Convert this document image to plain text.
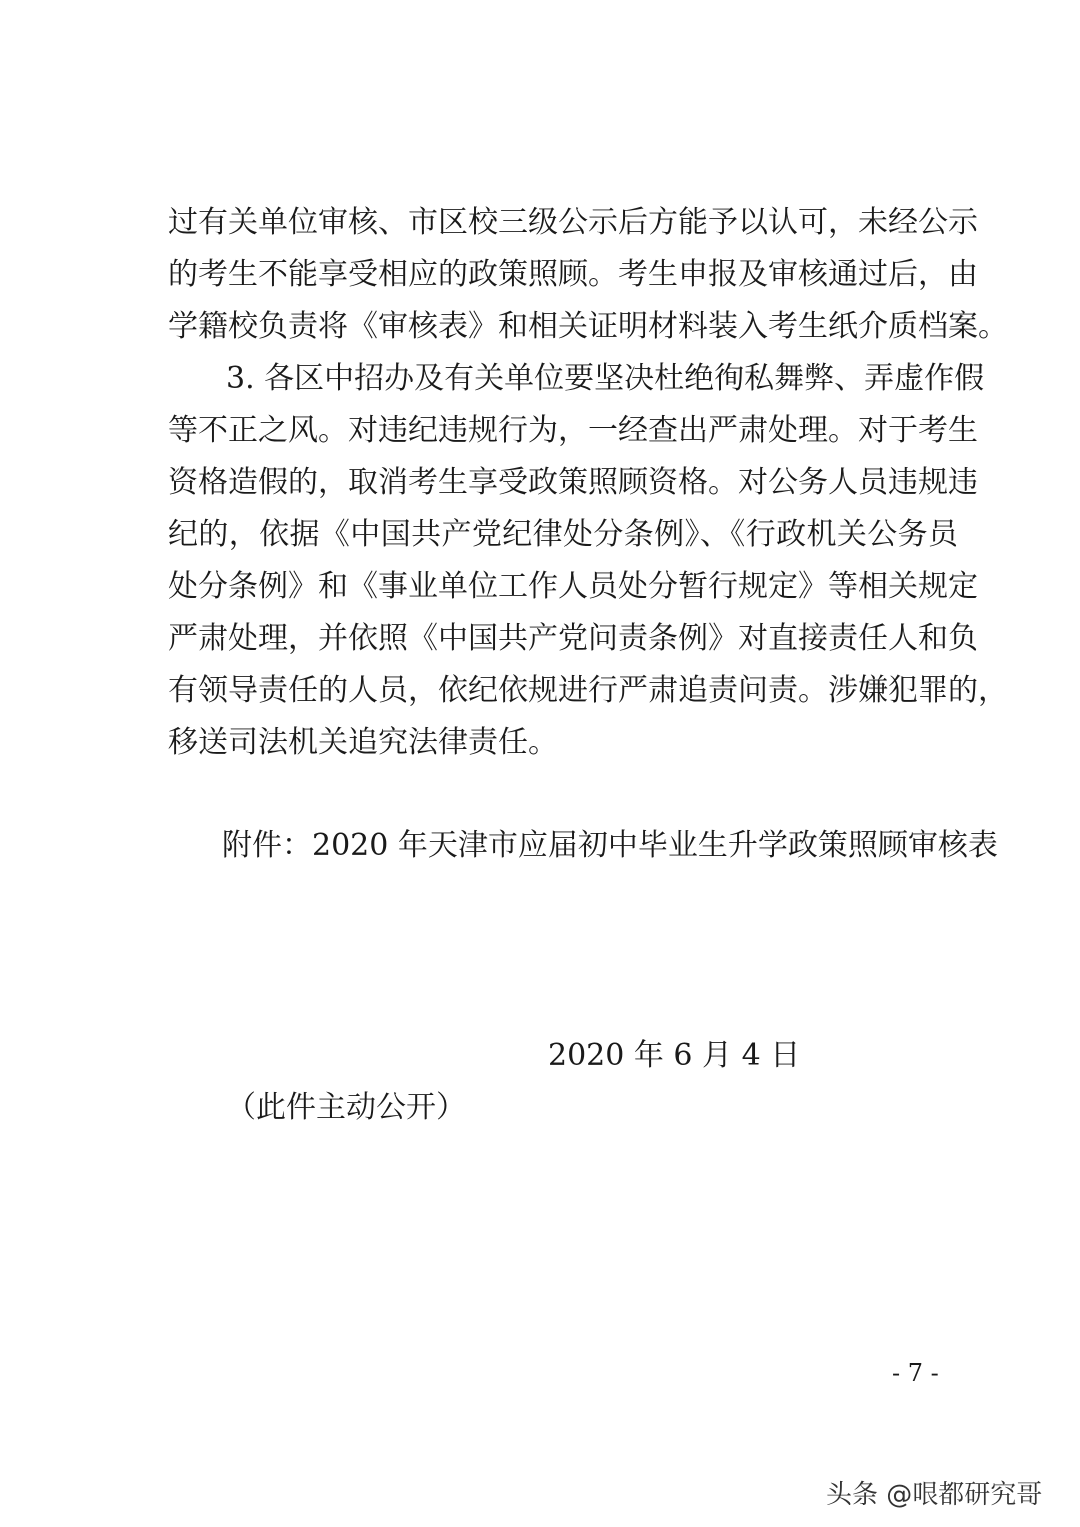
过有关单位审核、市区校三级公示后方能予以认可，未经公示
的考生不能享受相应的政策照顾。考生申报及审核通过后，由
学籍校负责将《审核表》和相关证明材料装入考生纸介质档案。
3. 各区中招办及有关单位要坚决杜绝徇私舞弊、弄虚作假
等不正之风。对违纪违规行为，一经查出严肃处理。对于考生
资格造假的，取消考生享受政策照顾资格。对公务人员违规违
纪的，依据《中国共产党纪律处分条例》、《行政机关公务员
处分条例》和《事业单位工作人员处分暂行规定》等相关规定
严肃处理，并依照《中国共产党问责条例》对直接责任人和负
有领导责任的人员，依纪依规进行严肃追责问责。涉嫌犯罪的，
移送司法机关追究法律责任。
附件：2020 年天津市应届初中毕业生升学政策照顾审核表
2020 年 6 月 4 日
（此件主动公开）
- 7 -
头条 @哏都研究哥
